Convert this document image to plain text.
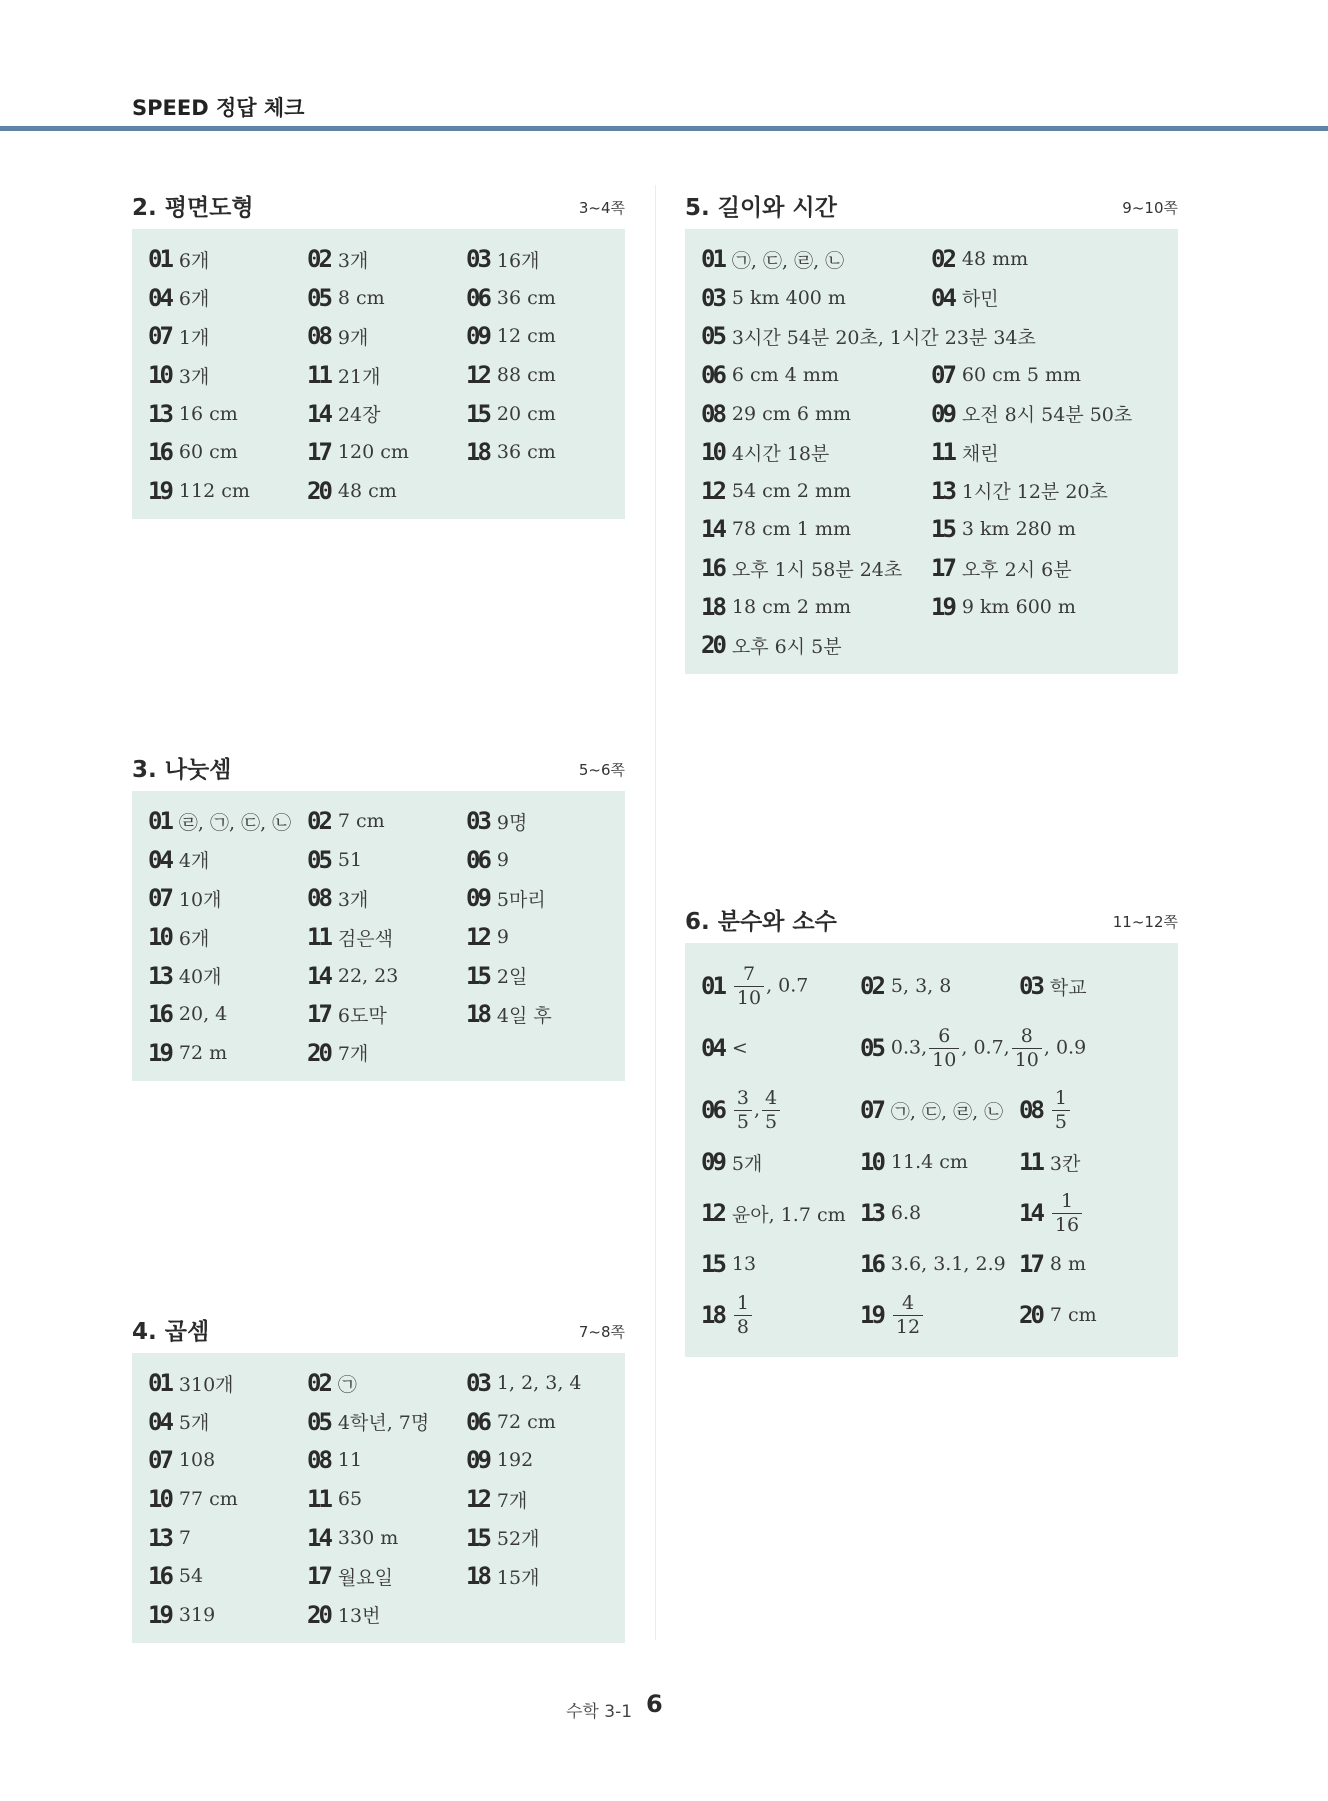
SPEED 정답 체크
2. 평면도형	3~4쪽
01 6개	02 3개	03 16개
04 6개	05 8 cm	06 36 cm
07 1개	08 9개	09 12 cm
10 3개	11 21개	12 88 cm
13 16 cm	14 24장	15 20 cm
16 60 cm	17 120 cm 18 36 cm
19 112 cm 20 48 cm
3. 나눗셈	5~6쪽
01 ㉣, ㉠, ㉢, ㉡ 02 7 cm	03 9명
04 4개	05 51	06 9
07 10개	08 3개	09 5마리
10 6개	11 검은색	12 9
13 40개	14 22, 23	15 2일
16 20, 4	17 6도막	18 4일 후
19 72 m	20 7개
4. 곱셈	7~8쪽
01 310개	02 ㉠	03 1, 2, 3, 4
04 5개	05 4학년, 7명 06 72 cm
07 108	08 11	09 192
10 77 cm	11 65	12 7개
13 7	14 330 m	15 52개
16 54	17 월요일	18 15개
19 319	20 13번
5. 길이와 시간	9~10쪽
01 ㉠, ㉢, ㉣, ㉡	02 48 mm
03 5 km 400 m	04 하민
05 3시간 54분 20초, 1시간 23분 34초
06 6 cm 4 mm	07 60 cm 5 mm
08 29 cm 6 mm	09 오전 8시 54분 50초
10 4시간 18분	11 채린
12 54 cm 2 mm	13 1시간 12분 20초
14 78 cm 1 mm	15 3 km 280 m
16 오후 1시 58분 24초 17 오후 2시 6분
18 18 cm 2 mm	19 9 km 600 m
20 오후 6시 5분
6. 분수와 소수	11~12쪽
$01 \frac{7}{10}$ , 0.7 02 5, 3, 8	03 학교
04 <	05 0.3, $\frac{6}{10}$ , 0.7, $\frac{8}{10}$ , 0.9
$06 \frac{3}{5}$ , $\frac{4}{5}$	07 ㉠, ㉢, ㉣, ㉡ $08 \frac{1}{5}$
09 5개	10 11.4 cm 11 3칸
12 윤아, 1.7 cm 13 6.8	$14 \frac{1}{16}$
15 13	16 3.6, 3.1, 2.9 17 8 m
$18 \frac{1}{8}$	$19 \frac{4}{12}$	20 7 cm
수학 3-1 6
